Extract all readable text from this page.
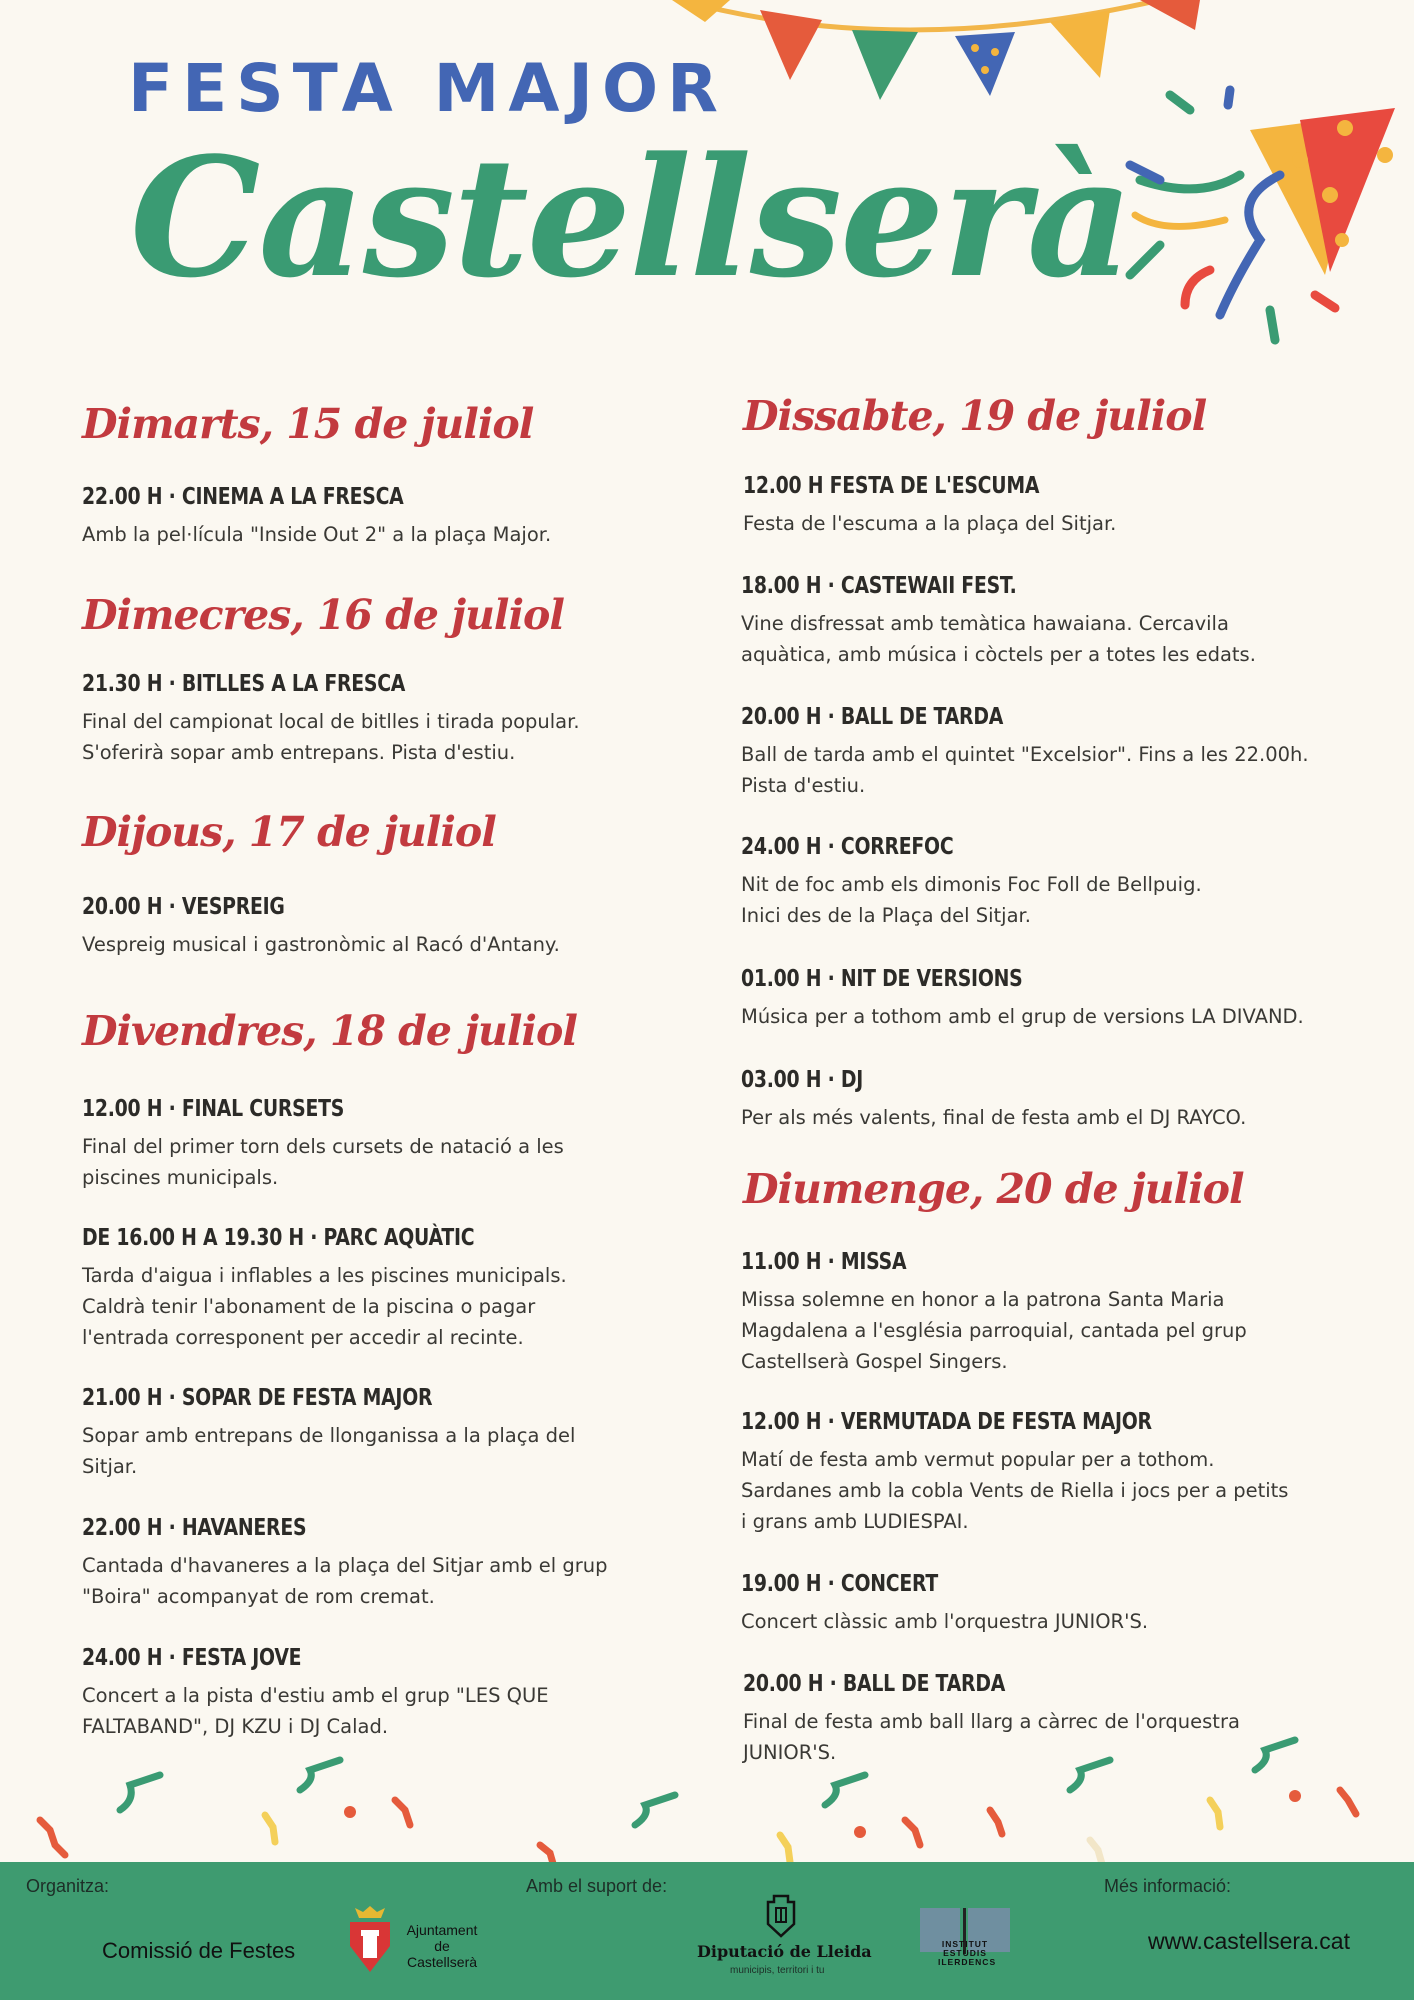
FESTA MAJOR
Castellserà
Dimarts, 15 de juliol
22.00 H · CINEMA A LA FRESCA
Amb la pel·lícula "Inside Out 2" a la plaça Major.
Dimecres, 16 de juliol
21.30 H · BITLLES A LA FRESCA
Final del campionat local de bitlles i tirada popular.
S'oferirà sopar amb entrepans. Pista d'estiu.
Dijous, 17 de juliol
20.00 H · VESPREIG
Vespreig musical i gastronòmic al Racó d'Antany.
Divendres, 18 de juliol
12.00 H · FINAL CURSETS
Final del primer torn dels cursets de natació a les
piscines municipals.
DE 16.00 H A 19.30 H · PARC AQUÀTIC
Tarda d'aigua i inflables a les piscines municipals.
Caldrà tenir l'abonament de la piscina o pagar
l'entrada corresponent per accedir al recinte.
21.00 H · SOPAR DE FESTA MAJOR
Sopar amb entrepans de llonganissa a la plaça del
Sitjar.
22.00 H · HAVANERES
Cantada d'havaneres a la plaça del Sitjar amb el grup
"Boira" acompanyat de rom cremat.
24.00 H · FESTA JOVE
Concert a la pista d'estiu amb el grup "LES QUE
FALTABAND", DJ KZU i DJ Calad.
Dissabte, 19 de juliol
12.00 H FESTA DE L'ESCUMA
Festa de l'escuma a la plaça del Sitjar.
18.00 H · CASTEWAII FEST.
Vine disfressat amb temàtica hawaiana. Cercavila
aquàtica, amb música i còctels per a totes les edats.
20.00 H · BALL DE TARDA
Ball de tarda amb el quintet "Excelsior". Fins a les 22.00h.
Pista d'estiu.
24.00 H · CORREFOC
Nit de foc amb els dimonis Foc Foll de Bellpuig.
Inici des de la Plaça del Sitjar.
01.00 H · NIT DE VERSIONS
Música per a tothom amb el grup de versions LA DIVAND.
03.00 H · DJ
Per als més valents, final de festa amb el DJ RAYCO.
Diumenge, 20 de juliol
11.00 H · MISSA
Missa solemne en honor a la patrona Santa Maria
Magdalena a l'església parroquial, cantada pel grup
Castellserà Gospel Singers.
12.00 H · VERMUTADA DE FESTA MAJOR
Matí de festa amb vermut popular per a tothom.
Sardanes amb la cobla Vents de Riella i jocs per a petits
i grans amb LUDIESPAI.
19.00 H · CONCERT
Concert clàssic amb l'orquestra JUNIOR'S.
20.00 H · BALL DE TARDA
Final de festa amb ball llarg a càrrec de l'orquestra
JUNIOR'S.
Organitza:
Comissió de Festes
Ajuntament
de
Castellserà
Amb el suport de:
Diputació de Lleida
municipis, territori i tu
INSTITUT
ESTUDIS
ILERDENCS
Més informació:
www.castellsera.cat
